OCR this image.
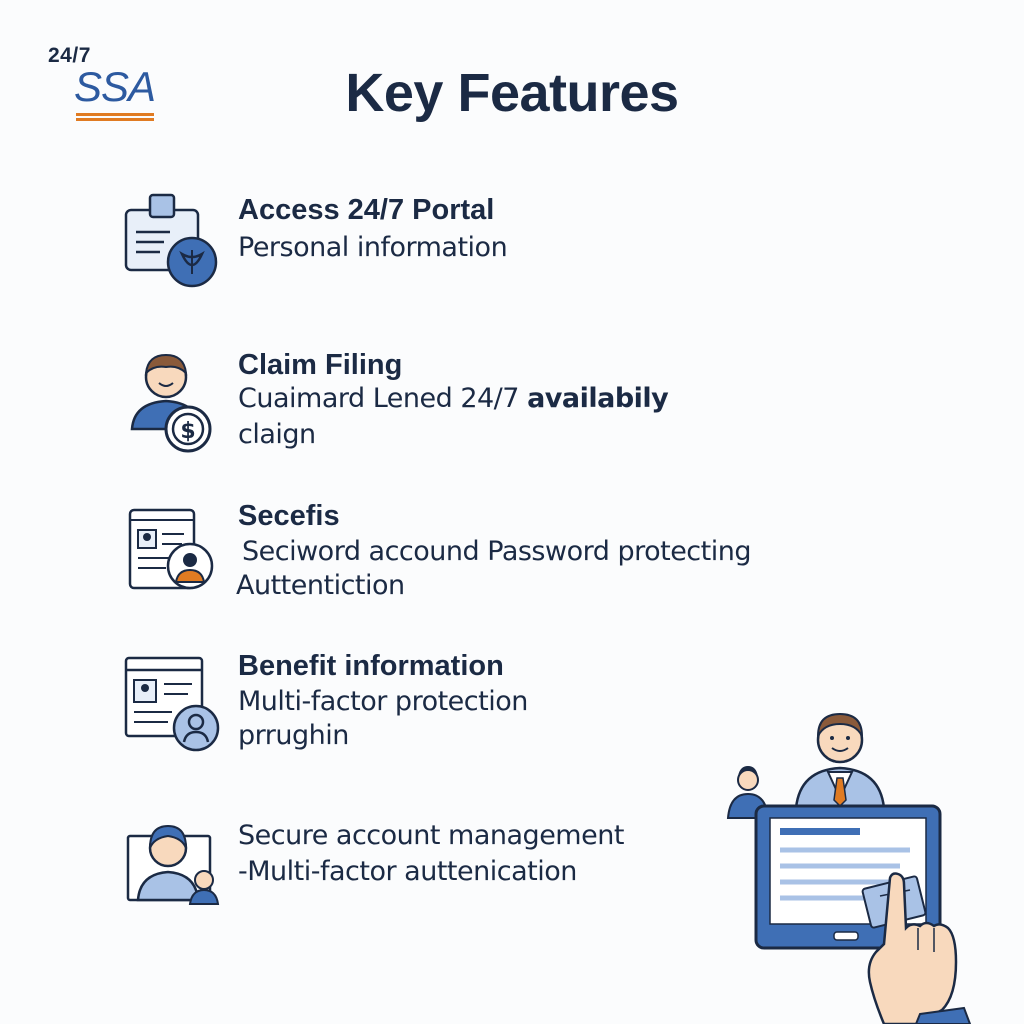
24/7
SSA	Key Features
Access 24/7 Portal
Personal information
$
Claim Filing
Cuaimard Lened 24/7 availabily
claign
Secefis
Seciword accound Password protecting
Auttentiction
Benefit information
Multi-factor protection
prrughin
Secure account management
-Multi-factor auttenication
